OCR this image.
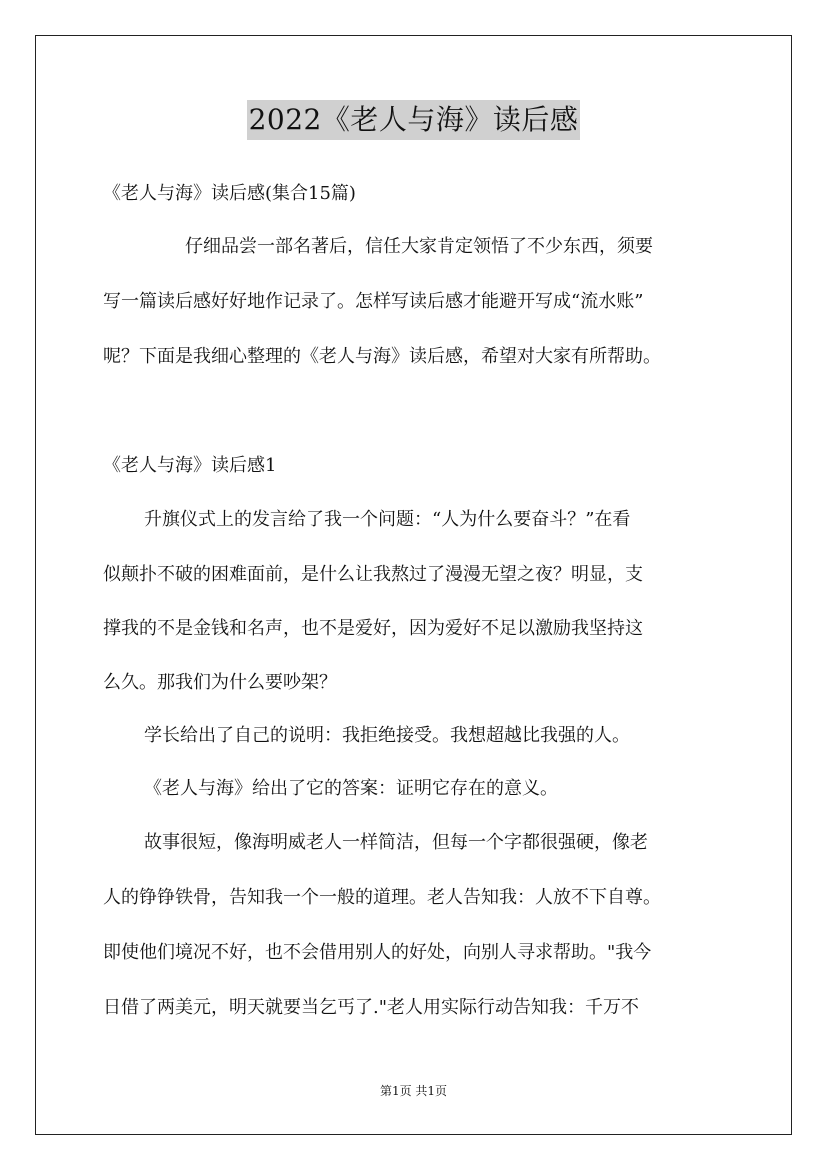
2022《老人与海》读后感
《老人与海》读后感(集合15篇)
仔细品尝一部名著后，信任大家肯定领悟了不少东西，须要
写一篇读后感好好地作记录了。怎样写读后感才能避开写成“流水账”
呢？下面是我细心整理的《老人与海》读后感，希望对大家有所帮助。
《老人与海》读后感1
升旗仪式上的发言给了我一个问题：“人为什么要奋斗？”在看
似颠扑不破的困难面前，是什么让我熬过了漫漫无望之夜？明显，支
撑我的不是金钱和名声，也不是爱好，因为爱好不足以激励我坚持这
么久。那我们为什么要吵架？
学长给出了自己的说明：我拒绝接受。我想超越比我强的人。
《老人与海》给出了它的答案：证明它存在的意义。
故事很短，像海明威老人一样简洁，但每一个字都很强硬，像老
人的铮铮铁骨，告知我一个一般的道理。老人告知我：人放不下自尊。
即使他们境况不好，也不会借用别人的好处，向别人寻求帮助。"我今
日借了两美元，明天就要当乞丐了."老人用实际行动告知我：千万不
第1页 共1页
